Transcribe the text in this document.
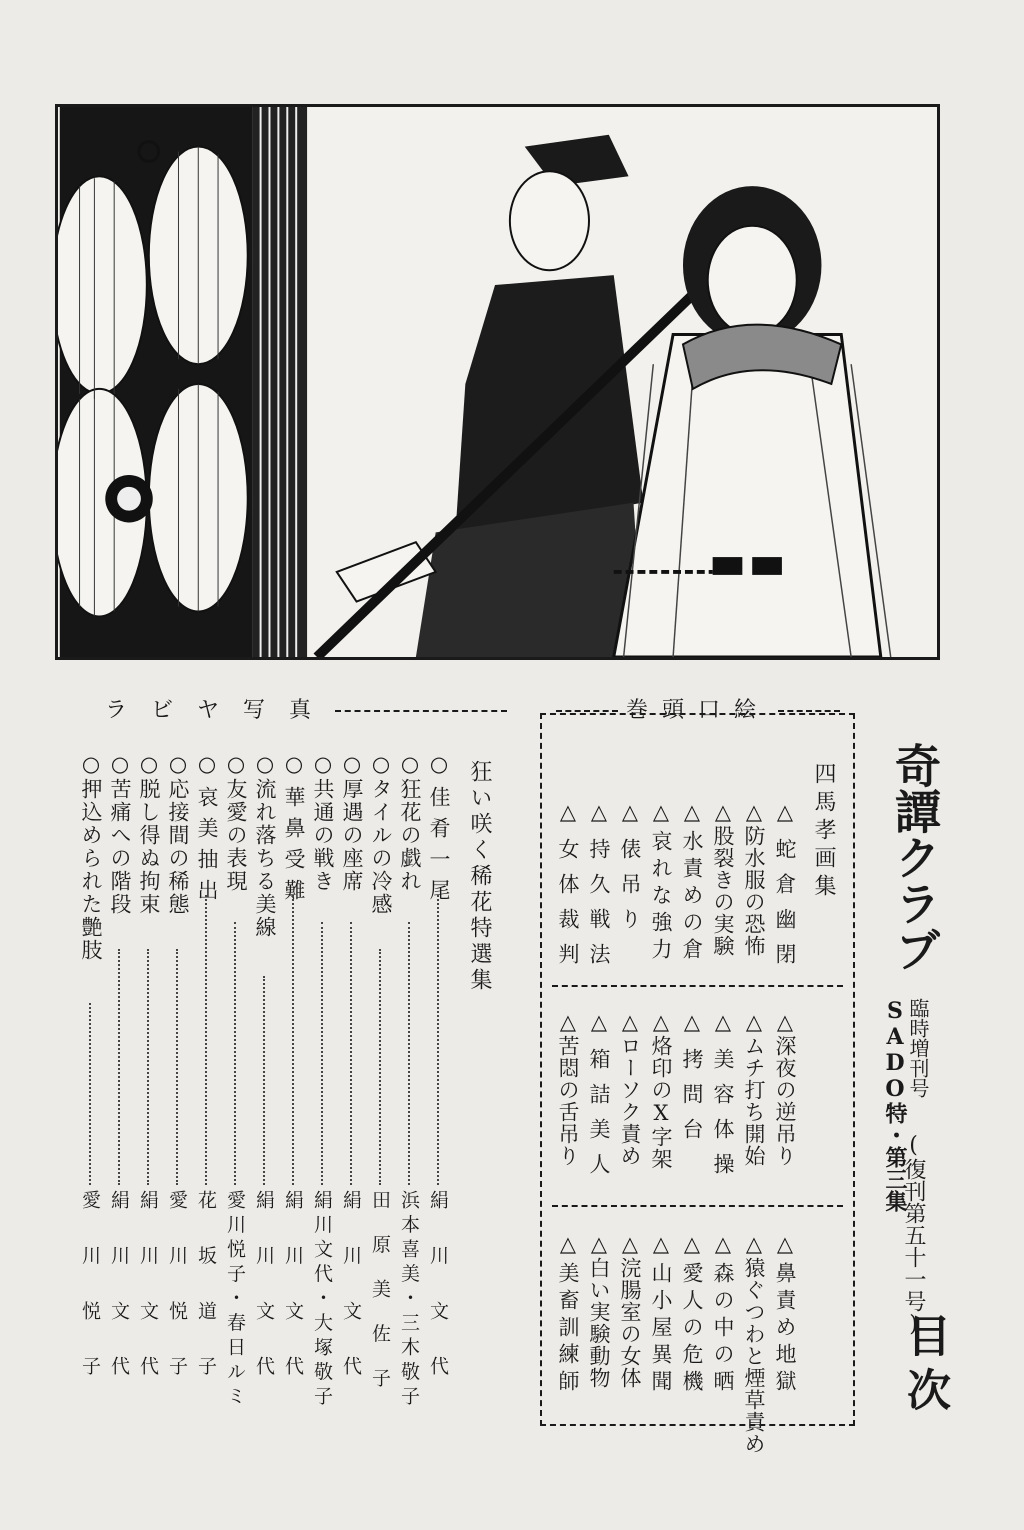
奇譚クラブ
臨時増刊号
SADO特・第三集
(復刊第五十一号)
目次
巻頭口絵
四馬孝画集
△蛇倉幽閉
△防水服の恐怖
△股裂きの実験
△水責めの倉
△哀れな強力
△俵吊り
△持久戦法
△女体裁判
△深夜の逆吊り
△ムチ打ち開始
△美容体操
△拷問台
△烙印のX字架
△ローソク責め
△箱詰美人
△苦悶の舌吊り
△鼻責め地獄
△猿ぐつわと煙草責め
△森の中の晒
△愛人の危機
△山小屋異聞
△浣腸室の女体
△白い実験動物
△美畜訓練師
ラビヤ写真
狂い咲く稀花特選集
○佳肴一尾
絹川文代
○狂花の戯れ
浜本喜美・三木敬子
○タイルの冷感
田原美佐子
○厚遇の座席
絹川文代
○共通の戦き
絹川文代・大塚敬子
○華鼻受難
絹川文代
○流れ落ちる美線
絹川文代
○友愛の表現
愛川悦子・春日ルミ
○哀美抽出
花坂道子
○応接間の稀態
愛川悦子
○脱し得ぬ拘束
絹川文代
○苦痛への階段
絹川文代
○押込められた艶肢
愛川悦子
